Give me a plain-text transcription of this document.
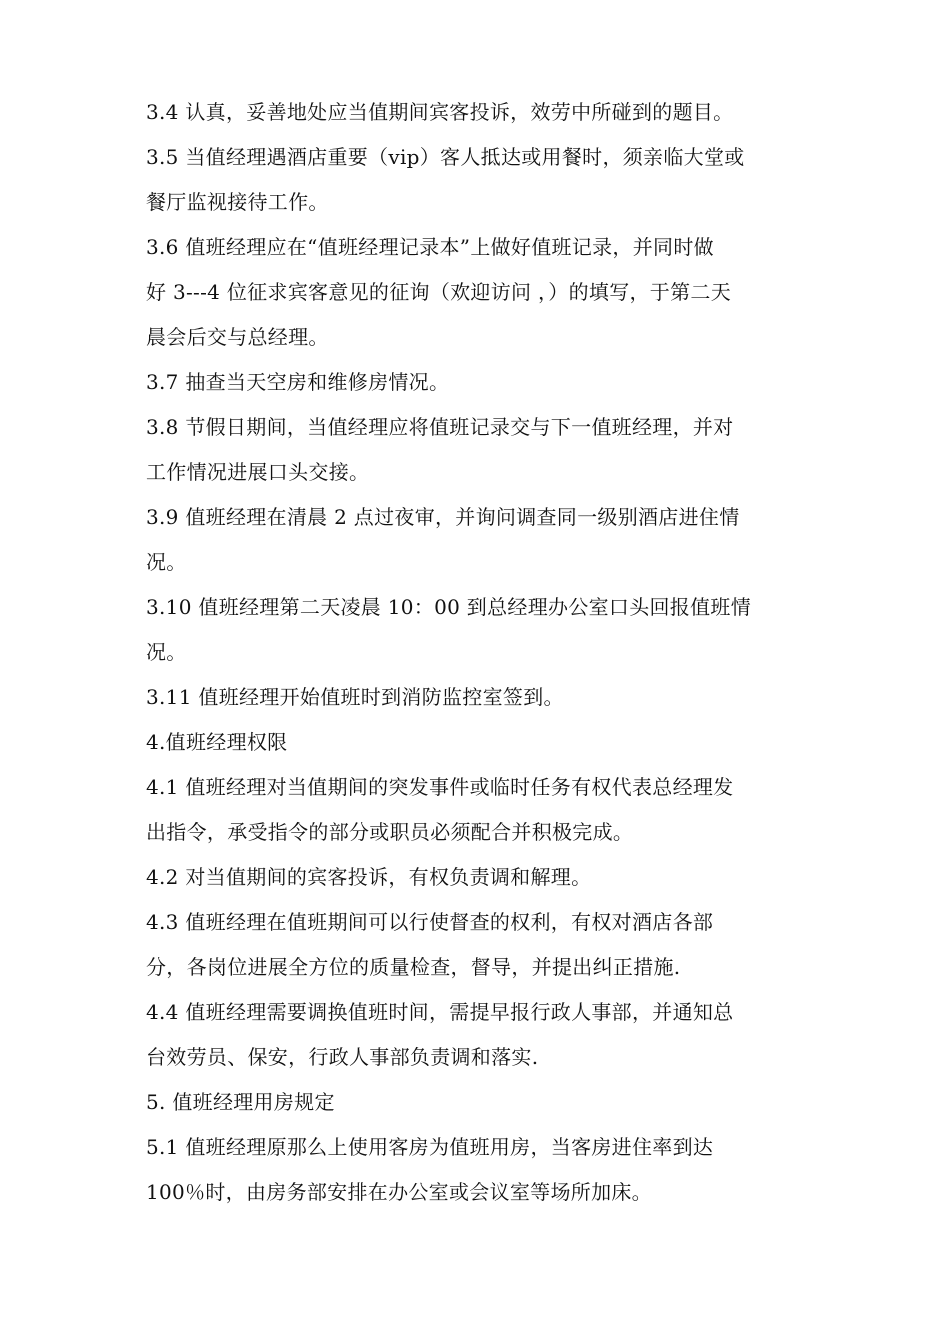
3.4 认真，妥善地处应当值期间宾客投诉，效劳中所碰到的题目。
3.5 当值经理遇酒店重要（vip）客人抵达或用餐时，须亲临大堂或
餐厅监视接待工作。
3.6 值班经理应在“值班经理记录本”上做好值班记录，并同时做
好 3---4 位征求宾客意见的征询（欢迎访问 ，）的填写，于第二天
晨会后交与总经理。
3.7 抽查当天空房和维修房情况。
3.8 节假日期间，当值经理应将值班记录交与下一值班经理，并对
工作情况进展口头交接。
3.9 值班经理在清晨 2 点过夜审，并询问调查同一级别酒店进住情
况。
3.10 值班经理第二天凌晨 10：00 到总经理办公室口头回报值班情
况。
3.11 值班经理开始值班时到消防监控室签到。
4.值班经理权限
4.1 值班经理对当值期间的突发事件或临时任务有权代表总经理发
出指令，承受指令的部分或职员必须配合并积极完成。
4.2 对当值期间的宾客投诉，有权负责调和解理。
4.3 值班经理在值班期间可以行使督查的权利，有权对酒店各部
分，各岗位进展全方位的质量检查，督导，并提出纠正措施.
4.4 值班经理需要调换值班时间，需提早报行政人事部，并通知总
台效劳员、保安，行政人事部负责调和落实.
5. 值班经理用房规定
5.1 值班经理原那么上使用客房为值班用房，当客房进住率到达
100％时，由房务部安排在办公室或会议室等场所加床。
